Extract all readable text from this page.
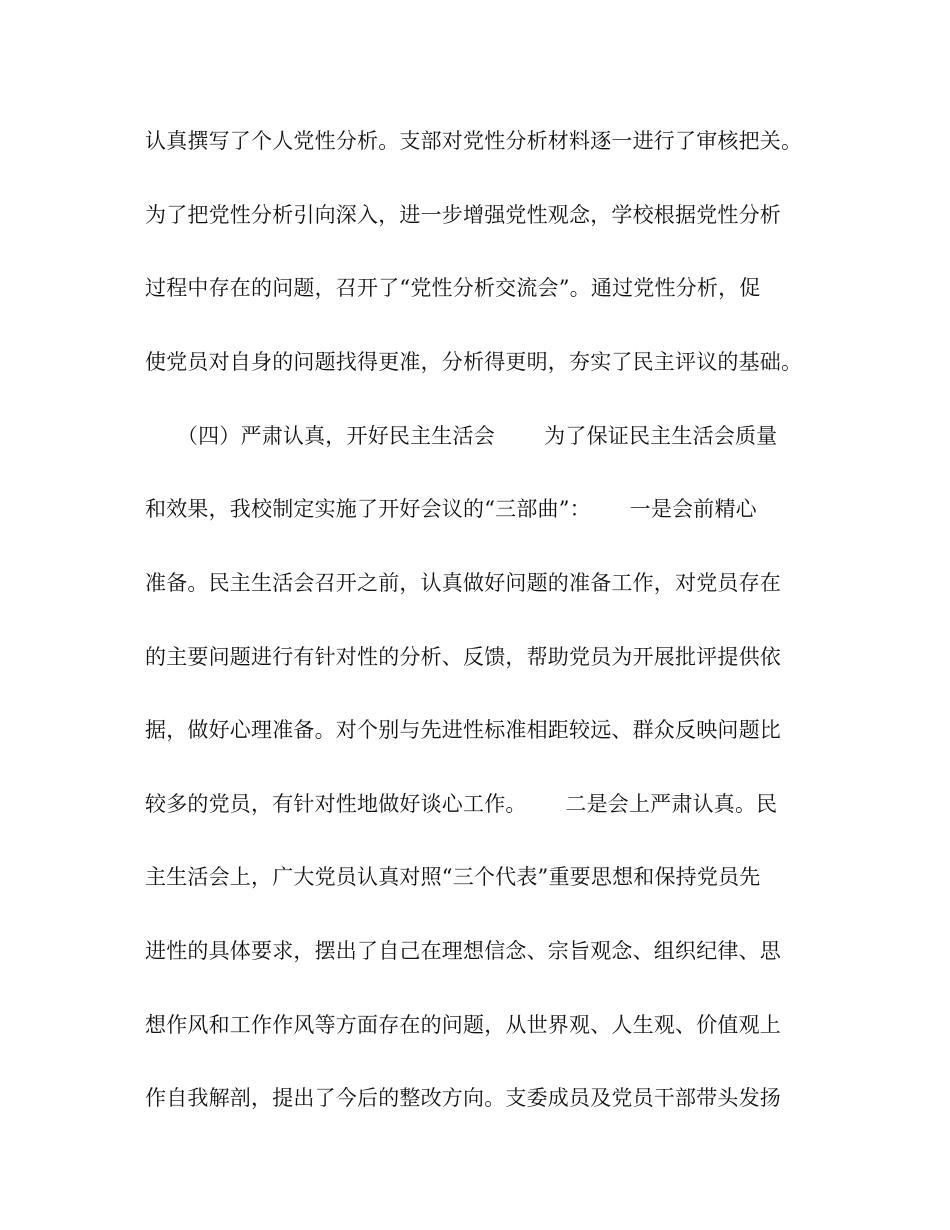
认真撰写了个人党性分析。支部对党性分析材料逐一进行了审核把关。
为了把党性分析引向深入，进一步增强党性观念，学校根据党性分析
过程中存在的问题，召开了“党性分析交流会”。通过党性分析，促
使党员对自身的问题找得更准，分析得更明，夯实了民主评议的基础。
　　（四）严肃认真，开好民主生活会　　 为了保证民主生活会质量
和效果，我校制定实施了开好会议的“三部曲”：　　 一是会前精心
准备。民主生活会召开之前，认真做好问题的准备工作，对党员存在
的主要问题进行有针对性的分析、反馈，帮助党员为开展批评提供依
据，做好心理准备。对个别与先进性标准相距较远、群众反映问题比
较多的党员，有针对性地做好谈心工作。　　 二是会上严肃认真。民
主生活会上，广大党员认真对照“三个代表”重要思想和保持党员先
进性的具体要求，摆出了自己在理想信念、宗旨观念、组织纪律、思
想作风和工作作风等方面存在的问题，从世界观、人生观、价值观上
作自我解剖，提出了今后的整改方向。支委成员及党员干部带头发扬
